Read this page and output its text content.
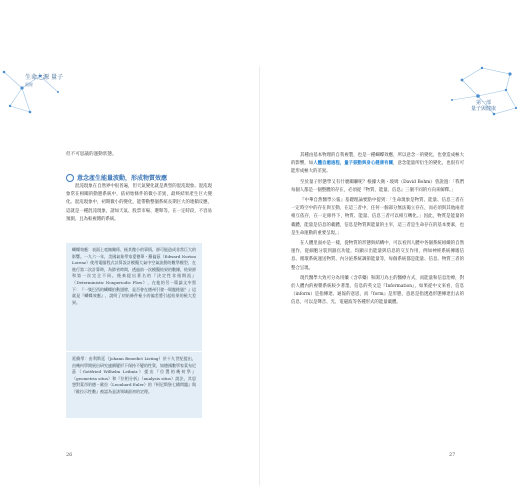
生命之源 量子
奧秘
第一部
量子與健康

但不可思議的運動狀態。

意念產生能量波動，形成物質效應

混沌現象在自然界中很普遍，但天氣變化就是典型的混沌現象。混沌現象常在相關的動態系統中，依初始條件的微小差異，最終結果產生巨大變化。混沌現象中，初期微小的變化，能帶動整個系統長期巨大的連鎖反應，這就是一種混沌現象，諸如天氣、股票市場、選舉等，在一定時段，不容易預測，且為較複雜的系統。

蝴蝶效應：表面上毫無關係、極其微小的事情，卻可能造成非常巨大的影響。一九六一年，美國氣象學家愛德華・羅倫茲（Edward Norton Lorenz）使用電腦程式計算設計模擬大氣中空氣流動的數學模型，在進行第二次計算時，為節省時間，透過前一次模擬結果的數據，結果卻和第一次完全不同。後來提出著名的『決定性非週期流』（Deterministic Nonperiodic Flow），在他的另一篇論文中寫下：『一隻巴西的蝴蝶拍動翅膀，是否會在德州引發一場龍捲風？』這就是『蝴蝶效應』，說明了初始條件極小的偏差將引起結果的極大差異。

延續學：由利斯廷（Johann Benedict Listing）於十九世紀提出，由幾何學開展出研究連續變形下保持不變的性質，如德國數學家萊布尼茲（Gottfried Wilhelm Leibniz）提出『位置的幾何學』（geometria situs）和『位相分析』（analysis situs）說法，其思想對萊昂哈德・歐拉（Leonhard Euler）的『柯尼斯堡七橋問題』與『歐拉示性數』被認為是該領域最初的定理。

26

其種由基本物理的自我複製，也是一種蝴蝶效應，所以意念一的變化，也會造成極大的影響，如人體自癒過程，量子振動與身心健康有關，意念能量所衍生的變化，也很有可能形成極大的差異。

至於量子形態學又有什麼關聯呢？根據大衛・玻姆（David Bohm）曾說過：「我們每個人都是一個整體的存在，必須從『物質、能量、信息』三個不同的方向來解釋。」

『中華自然醫學公報』基礎理論要點中提到：「生命現象是物質、能量、信息三者在一定時空中的存在與互動，在這三者中，任何一個部分無法獨立存在，而必須與其他兩者相互依存，在一定條件下，物質、能量、信息三者可以相互轉化。」因此，物質是能量的載體，能量是信息的載體，信息是物質與能量的主宰，這三者是生命存在的基本要素，也是生命運動的重要呈現。」

在人體里面亦是一樣，從物質的形態與結構中，可以看到人體中各個系統組織的自然運作，從細胞分裂到器官功能，均顯示出能量與信息的交互作用，例如神經系統傳遞信息、循環系統運送物質、內分泌系統調節能量等，每個系統都是能量、信息、物質三者的整合呈現。

現代醫學大致可分為用藥（含草藥）和開刀為主的醫療方式，而能量和信息治療，對於人體內的複雜系統較少著墨，信息的英文是『Information』，如果從中文來看，信息（inform）是指傳達、通報的意思，而『form』是形態，意思是指透過形態傳達出去的信息，可以是聲音、光、電磁波等各種形式的能量載體。

27
